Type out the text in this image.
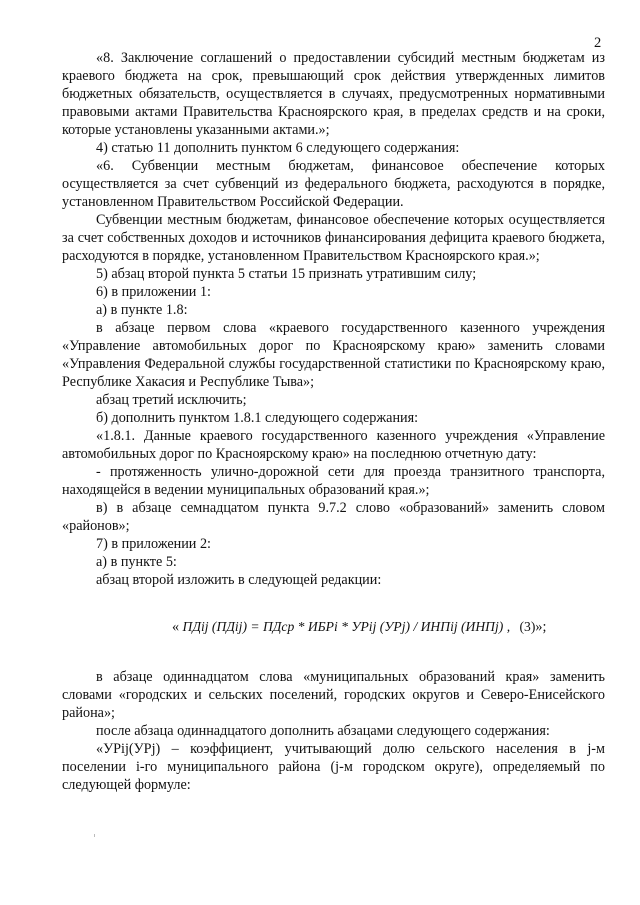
2

«8. Заключение соглашений о предоставлении субсидий местным бюджетам из краевого бюджета на срок, превышающий срок действия утвержденных лимитов бюджетных обязательств, осуществляется в случаях, предусмотренных нормативными правовыми актами Правительства Красноярского края, в пределах средств и на сроки, которые установлены указанными актами.»;

4) статью 11 дополнить пунктом 6 следующего содержания:

«6. Субвенции местным бюджетам, финансовое обеспечение которых осуществляется за счет субвенций из федерального бюджета, расходуются в порядке, установленном Правительством Российской Федерации.

Субвенции местным бюджетам, финансовое обеспечение которых осуществляется за счет собственных доходов и источников финансирования дефицита краевого бюджета, расходуются в порядке, установленном Правительством Красноярского края.»;

5) абзац второй пункта 5 статьи 15 признать утратившим силу;

6) в приложении 1:

а) в пункте 1.8:

в абзаце первом слова «краевого государственного казенного учреждения «Управление автомобильных дорог по Красноярскому краю» заменить словами «Управления Федеральной службы государственной статистики по Красноярскому краю, Республике Хакасия и Республике Тыва»;

абзац третий исключить;

б) дополнить пунктом 1.8.1 следующего содержания:

«1.8.1. Данные краевого государственного казенного учреждения «Управление автомобильных дорог по Красноярскому краю» на последнюю отчетную дату:

- протяженность улично-дорожной сети для проезда транзитного транспорта, находящейся в ведении муниципальных образований края.»;

в) в абзаце семнадцатом пункта 9.7.2 слово «образований» заменить словом «районов»;

7) в приложении 2:

а) в пункте 5:

абзац второй изложить в следующей редакции:

« ПДij (ПДij) = ПДср * ИБРi * УРij (УРj) / ИНПij (ИНПj) , (3)»;

в абзаце одиннадцатом слова «муниципальных образований края» заменить словами «городских и сельских поселений, городских округов и Северо-Енисейского района»;

после абзаца одиннадцатого дополнить абзацами следующего содержания:

«УРij(УРj) – коэффициент, учитывающий долю сельского населения в j-м поселении i-го муниципального района (j-м городском округе), определяемый по следующей формуле:
